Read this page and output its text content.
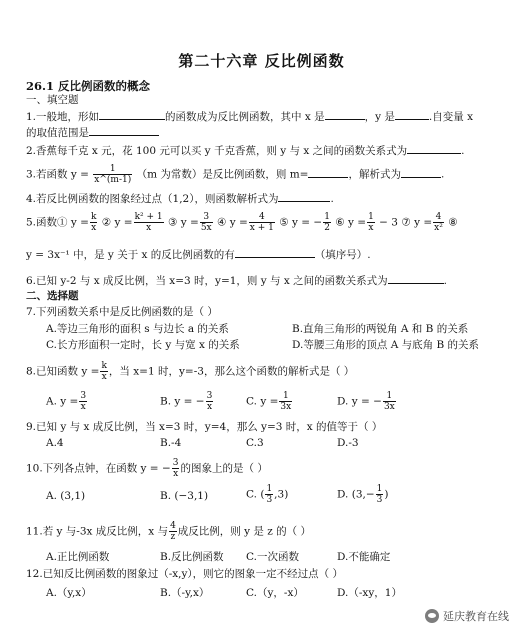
第二十六章 反比例函数
26.1 反比例函数的概念
一、填空题
1.一般地，形如	的函数成为反比例函数，其中 x 是	，y 是	.自变量 x
的取值范围是
2.香蕉每千克 x 元，花 100 元可以买 y 千克香蕉，则 y 与 x 之间的函数关系式为	.
3.若函数 $y = \frac{1}{x\^{}(m-1)} (m$ 为常数）是反比例函数，则 m=	，解析式为	.
4.若反比例函数的图象经过点（1,2），则函数解析式为	.
5.函数① $y = \frac{k}{x}$ ② $y = \frac{\text{k² + 1}}{x}$ ③ $y = \frac{3}{5x}$ ④ $y = \frac{4}{x + 1}$ ⑤ y = − $\frac{1}{2}$ ⑥ $y = \frac{1}{x} - 3$ ⑦ $y = \frac{4}{\text{x²}}$ ⑧
y = 3x⁻¹ 中，是 y 关于 x 的反比例函数的有	（填序号）.
6.已知 y-2 与 x 成反比例，当 x=3 时，y=1，则 y 与 x 之间的函数关系式为	.
二、选择题
7.下列函数关系中是反比例函数的是（ ）
A.等边三角形的面积 s 与边长 a 的关系	B.直角三角形的两锐角 A 和 B 的关系
C.长方形面积一定时，长 y 与宽 x 的关系	D.等腰三角形的顶点 A 与底角 B 的关系
8.已知函数 $y = \frac{k}{x}$ ，当 x=1 时，y=-3，那么这个函数的解析式是（ ）
A. $y = \frac{3}{x}$	B. y = − $\frac{3}{x}$	C. $y = \frac{1}{3x}$	D. y = − $\frac{1}{3x}$
9.已知 y 与 x 成反比例，当 x=3 时，y=4，那么 y=3 时，x 的值等于（ ）
A.4	B.-4	C.3	D.-3
10.下列各点钟，在函数 y = − $\frac{3}{x}$ 的图象上的是（ ）
A. (3,1)	B. (−3,1)	C. ( $\frac{1}{3} ,3$)	D. ($3,- \frac{1}{3}$ )
11.若 y 与-3x 成反比例，x 与 $\frac{4}{z}$ 成反比例，则 y 是 z 的（ ）
A.正比例函数	B.反比例函数 C.一次函数	D.不能确定
12.已知反比例函数的图象过（-x,y），则它的图象一定不经过点（ ）
A.（y,x）	B.（-y,x）	C.（y，-x）	D.（-xy，1）
延庆教育在线
